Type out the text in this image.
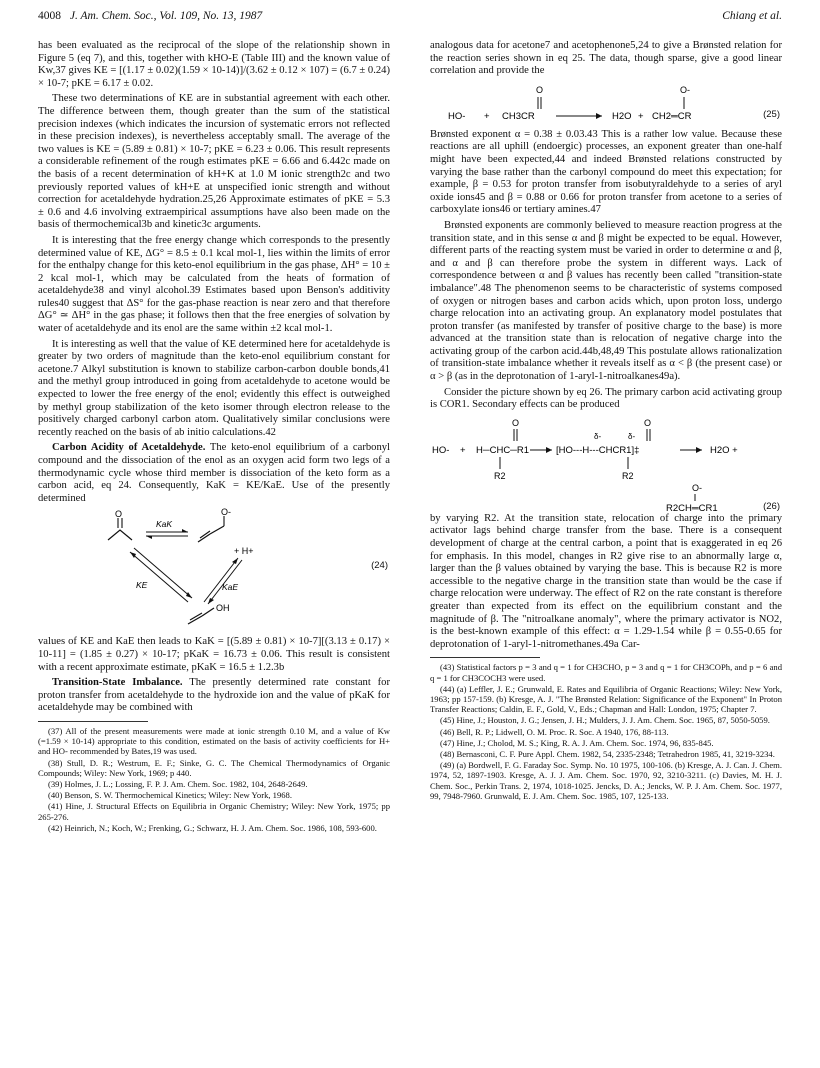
4008 J. Am. Chem. Soc., Vol. 109, No. 13, 1987	Chiang et al.

has been evaluated as the reciprocal of the slope of the relationship shown in Figure 5 (eq 7), and this, together with kHO-E (Table III) and the known value of Kw,37 gives KE = [(1.17 ± 0.02)(1.59 × 10-14)]/(3.62 ± 0.12 × 107) = (6.7 ± 0.24) × 10-7; pKE = 6.17 ± 0.02.

These two determinations of KE are in substantial agreement with each other. The difference between them, though greater than the sum of the statistical precision indexes (which indicates the incursion of systematic errors not reflected in these precision indexes), is nevertheless acceptably small. The average of the two values is KE = (5.89 ± 0.81) × 10-7; pKE = 6.23 ± 0.06. This result represents a considerable refinement of the rough estimates pKE = 6.66 and 6.442c made on the basis of a recent determination of kH+K at 1.0 M ionic strength2c and two previously reported values of kH+E at unspecified ionic strength and without correction for acetaldehyde hydration.25,26 Approximate estimates of pKE = 5.3 ± 0.6 and 4.6 involving extraempirical assumptions have also been made on the basis of thermochemical3b and kinetic3c arguments.

It is interesting that the free energy change which corresponds to the presently determined value of KE, ΔG° = 8.5 ± 0.1 kcal mol-1, lies within the limits of error for the enthalpy change for this keto-enol equilibrium in the gas phase, ΔH° = 10 ± 2 kcal mol-1, which may be calculated from the heats of formation of acetaldehyde38 and vinyl alcohol.39 Estimates based upon Benson's additivity rules40 suggest that ΔS° for the gas-phase reaction is near zero and that therefore ΔG° ≃ ΔH° in the gas phase; it follows then that the free energies of solvation by water of acetaldehyde and its enol are the same within ±2 kcal mol-1.

It is interesting as well that the value of KE determined here for acetaldehyde is greater by two orders of magnitude than the keto-enol equilibrium constant for acetone.7 Alkyl substitution is known to stabilize carbon-carbon double bonds,41 and the methyl group introduced in going from acetaldehyde to acetone would be expected to lower the free energy of the enol; evidently this effect is outweighed by methyl group stabilization of the keto isomer through electron release to the positively charged carbonyl carbon atom. Qualitatively similar conclusions were recently reached on the basis of ab initio calculations.42

Carbon Acidity of Acetaldehyde. The keto-enol equilibrium of a carbonyl compound and the dissociation of the enol as an oxygen acid form two legs of a thermodynamic cycle whose third member is dissociation of the keto form as a carbon acid, eq 24. Consequently, KaK = KE/KaE. Use of the presently determined

O
KaK
O-
+ H+
KE	KaE
OH
(24)

values of KE and KaE then leads to KaK = [(5.89 ± 0.81) × 10-7][(3.13 ± 0.17) × 10-11] = (1.85 ± 0.27) × 10-17; pKaK = 16.73 ± 0.06. This result is consistent with a recent approximate estimate, pKaK = 16.5 ± 1.2.3b

Transition-State Imbalance. The presently determined rate constant for proton transfer from acetaldehyde to the hydroxide ion and the value of pKaK for acetaldehyde may be combined with

(37) All of the present measurements were made at ionic strength 0.10 M, and a value of Kw (=1.59 × 10-14) appropriate to this condition, estimated on the basis of activity coefficients for H+ and HO- recommended by Bates,19 was used.

(38) Stull, D. R.; Westrum, E. F.; Sinke, G. C. The Chemical Thermodynamics of Organic Compounds; Wiley: New York, 1969; p 440.

(39) Holmes, J. L.; Lossing, F. P. J. Am. Chem. Soc. 1982, 104, 2648-2649.

(40) Benson, S. W. Thermochemical Kinetics; Wiley: New York, 1968.

(41) Hine, J. Structural Effects on Equilibria in Organic Chemistry; Wiley: New York, 1975; pp 265-276.

(42) Heinrich, N.; Koch, W.; Frenking, G.; Schwarz, H. J. Am. Chem. Soc. 1986, 108, 593-600.

analogous data for acetone7 and acetophenone5,24 to give a Brønsted relation for the reaction series shown in eq 25. The data, though sparse, give a good linear correlation and provide the

O	O-
HO- + CH3CR	H2O + CH2═CR	(25)

Brønsted exponent α = 0.38 ± 0.03.43 This is a rather low value. Because these reactions are all uphill (endoergic) processes, an exponent greater than one-half might have been expected,44 and indeed Brønsted relations constructed by varying the base rather than the carbonyl compound do meet this expectation; for example, β = 0.53 for proton transfer from isobutyraldehyde to a series of aryl oxide ions45 and β = 0.88 or 0.66 for proton transfer from acetone to a series of carboxylate ions46 or tertiary amines.47

Brønsted exponents are commonly believed to measure reaction progress at the transition state, and in this sense α and β might be expected to be equal. However, different parts of the reacting system must be varied in order to determine α and β, and α and β can therefore probe the system in different ways. Lack of correspondence between α and β values has recently been called "transition-state imbalance".48 The phenomenon seems to be characteristic of systems composed of oxygen or nitrogen bases and carbon acids which, upon proton loss, undergo charge relocation into an activating group. An explanatory model postulates that proton transfer (as manifested by transfer of positive charge to the base) is more advanced at the transition state than is relocation of negative charge into the activating group of the carbon acid.44b,48,49 This postulate allows rationalization of transition-state imbalance whether it reveals itself as α < β (the present case) or α > β (as in the deprotonation of 1-aryl-1-nitroalkanes49a).

Consider the picture shown by eq 26. The primary carbon acid activating group is COR1. Secondary effects can be produced

O	O
δ-	δ-
HO- + H─CHC─R1	[HO---H---CHCR1]‡	H2O +
R2	R2
O-
R2CH═CR1	(26)

by varying R2. At the transition state, relocation of charge into the primary activator lags behind charge transfer from the base. There is a consequent development of charge at the central carbon, a point that is exaggerated in eq 26 for emphasis. In this model, changes in R2 give rise to an abnormally large α, larger than the β values obtained by varying the base. This is because R2 is more accessible to the negative charge in the transition state than would be the case if charge relocation were underway. The effect of R2 on the rate constant is therefore greater than expected from its effect on the equilibrium constant and the magnitude of β. The "nitroalkane anomaly", where the primary activator is NO2, is the best-known example of this effect: α = 1.29-1.54 while β = 0.55-0.65 for deprotonation of 1-aryl-1-nitromethanes.49a Car-

(43) Statistical factors p = 3 and q = 1 for CH3CHO, p = 3 and q = 1 for CH3COPh, and p = 6 and q = 1 for CH3COCH3 were used.

(44) (a) Leffler, J. E.; Grunwald, E. Rates and Equilibria of Organic Reactions; Wiley: New York, 1963; pp 157-159. (b) Kresge, A. J. "The Brønsted Relation: Significance of the Exponent" In Proton Transfer Reactions; Caldin, E. F., Gold, V., Eds.; Chapman and Hall: London, 1975; Chapter 7.

(45) Hine, J.; Houston, J. G.; Jensen, J. H.; Mulders, J. J. Am. Chem. Soc. 1965, 87, 5050-5059.

(46) Bell, R. P.; Lidwell, O. M. Proc. R. Soc. A 1940, 176, 88-113.

(47) Hine, J.; Cholod, M. S.; King, R. A. J. Am. Chem. Soc. 1974, 96, 835-845.

(48) Bernasconi, C. F. Pure Appl. Chem. 1982, 54, 2335-2348; Tetrahedron 1985, 41, 3219-3234.

(49) (a) Bordwell, F. G. Faraday Soc. Symp. No. 10 1975, 100-106. (b) Kresge, A. J. Can. J. Chem. 1974, 52, 1897-1903. Kresge, A. J. J. Am. Chem. Soc. 1970, 92, 3210-3211. (c) Davies, M. H. J. Chem. Soc., Perkin Trans. 2, 1974, 1018-1025. Jencks, D. A.; Jencks, W. P. J. Am. Chem. Soc. 1977, 99, 7948-7960. Grunwald, E. J. Am. Chem. Soc. 1985, 107, 125-133.
